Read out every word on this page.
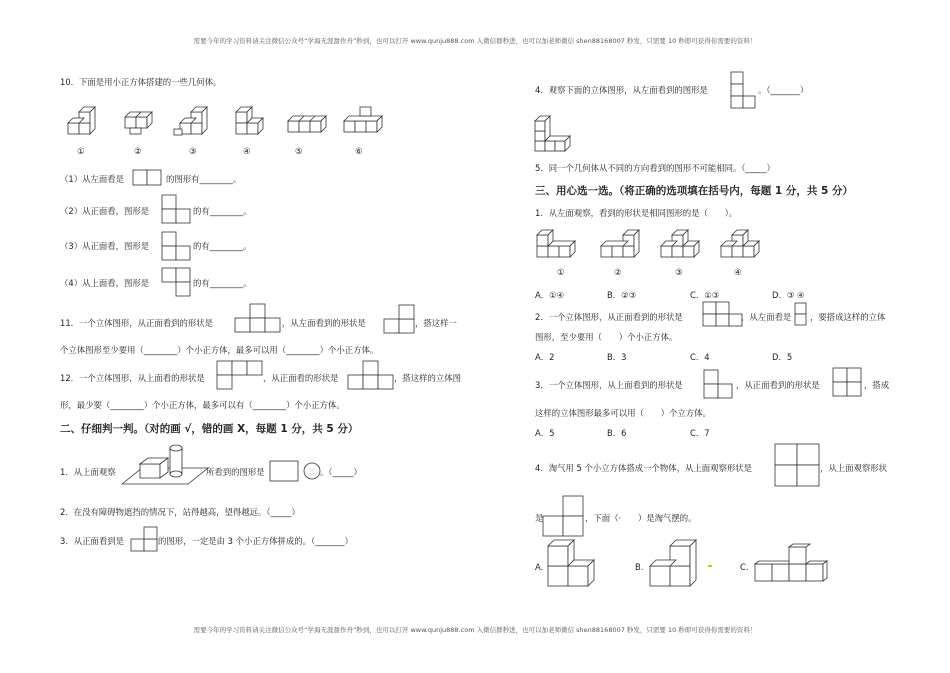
需要今年的学习资料请关注微信公众号“学海无涯甜作舟”秒到，也可以打开 www.qunju888.com 入微信群秒进，也可以加老师微信 shen88168007 秒发，只需要 10 秒即可获得你需要的资料！
需要今年的学习资料请关注微信公众号“学海无涯甜作舟”秒到，也可以打开 www.qunju888.com 入微信群秒进，也可以加老师微信 shen88168007 秒发，只需要 10 秒即可获得你需要的资料！
10．下面是用小正方体搭建的一些几何体。
①	②	③	④	⑤	⑥
（1）从左面看是	的图形有________。
（2）从正面看，图形是	的有________。
（3）从正面看，图形是	的有________。
（4）从上面看，图形是	的有________。
11．一个立体图形，从正面看到的形状是	，从左面看到的形状是	，搭这样一
个立体图形至少要用（________）个小正方体，最多可以用（________）个小正方体。
12．一个立体图形，从上面看的形状是	，从正面看的形状是	，搭这样的立体图
形，最少要（________）个小正方体，最多可以有（________）个小正方体。
二、仔细判一判。（对的画 √，错的画 X，每题 1 分，共 5 分）
1．从上面观察	所看到的图形是	。（_____）
2．在没有障碍物遮挡的情况下，站得越高，望得越远。（_____）
3．从正面看到是	的图形，一定是由 3 个小正方体拼成的。（_______）
4．观察下面的立体图形，从左面看到的图形是	。（_______）
5．同一个几何体从不同的方向看到的图形不可能相同。（_____）
三、用心选一选。（将正确的选项填在括号内，每题 1 分，共 5 分）
1．从左面观察，看到的形状是相同图形的是（　　）。
①	②	③	④
A．①④	B．②③	C．①③	D．③ ④
2．一个立体图形，从正面看到的形状是	，从左面看是 ，要搭成这样的立体
图形，至少要用（　　）个小正方体。
A．2	B．3	C．4	D．5
3．一个立体图形，从上面看到的形状是	，从正面看到的形状是	，搭成
这样的立体图形最多可以用（　　）个立方体。
A．5	B．6	C．7
4．淘气用 5 个小立方体搭成一个物体，从上面观察形状是	，从上面观察形状
是	，下面（·　　）是淘气摆的。
A.	B.	C.
